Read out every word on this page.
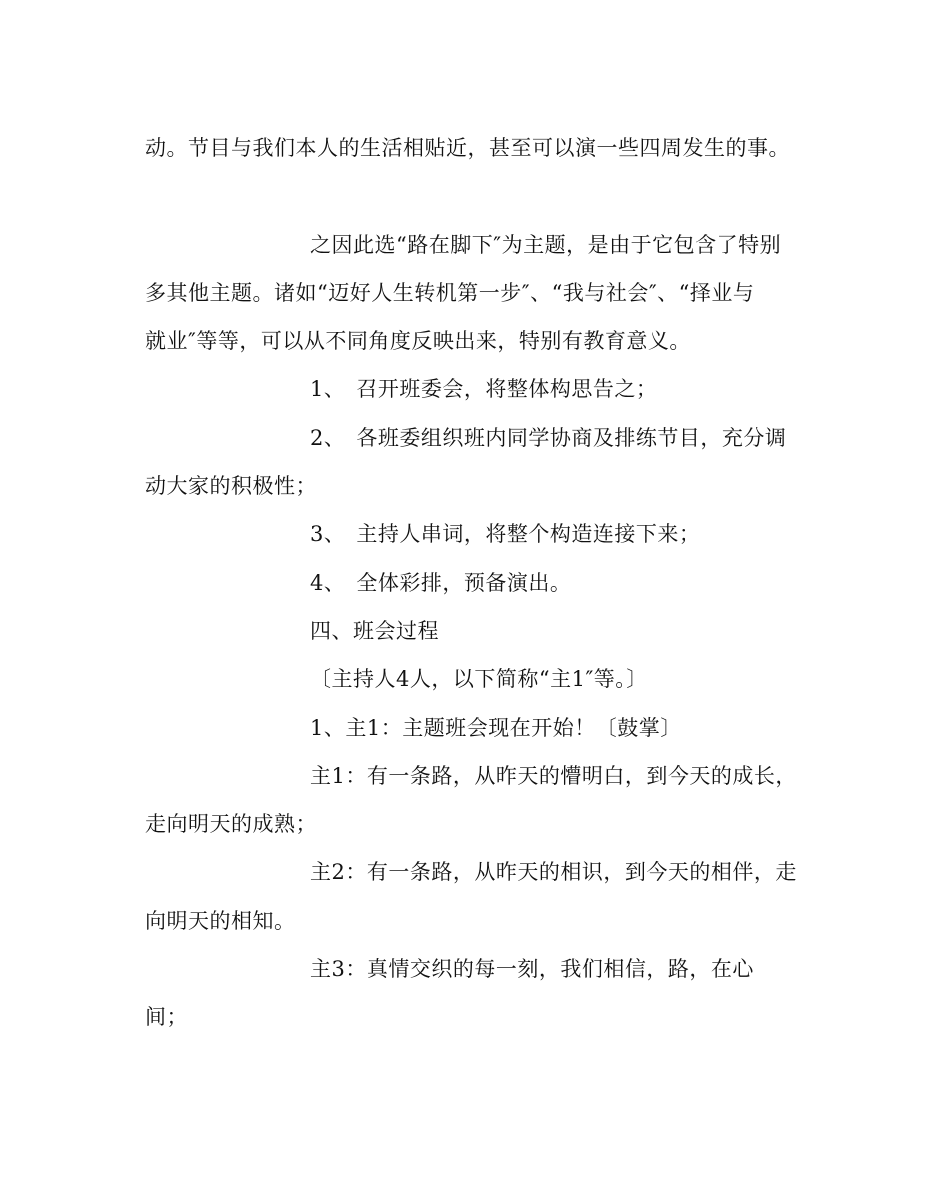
动。节目与我们本人的生活相贴近，甚至可以演一些四周发生的事。
之因此选“路在脚下″为主题，是由于它包含了特别
多其他主题。诸如“迈好人生转机第一步″、“我与社会″、“择业与
就业″等等，可以从不同角度反映出来，特别有教育意义。
1、　召开班委会，将整体构思告之；
2、　各班委组织班内同学协商及排练节目，充分调
动大家的积极性；
3、　主持人串词，将整个构造连接下来；
4、　全体彩排，预备演出。
四、班会过程
〔主持人4人，以下简称“主1″等。〕
1、主1：主题班会现在开始！〔鼓掌〕
主1：有一条路，从昨天的懵明白，到今天的成长，
走向明天的成熟；
主2：有一条路，从昨天的相识，到今天的相伴，走
向明天的相知。
主3：真情交织的每一刻，我们相信，路，在心
间；
